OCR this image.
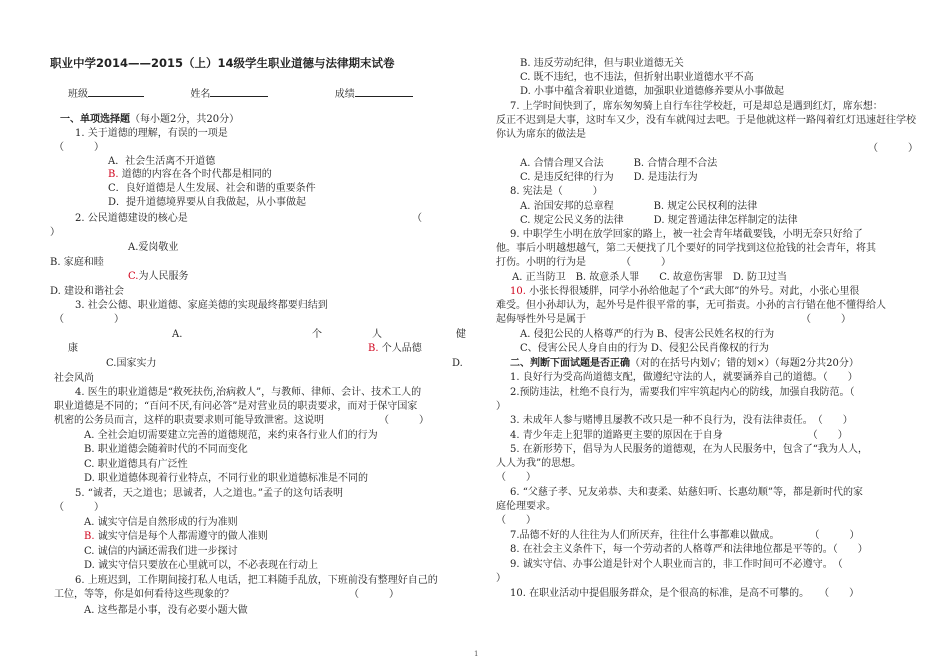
职业中学2014——2015（上）14级学生职业道德与法律期末试卷
班级	姓名	成绩
一、单项选择题（每小题2分，共20分）
1. 关于道德的理解，有误的一项是
（　　　）
A．社会生活离不开道德
B. 道德的内容在各个时代都是相同的
C．良好道德是人生发展、社会和谐的重要条件
D．提升道德境界要从自我做起，从小事做起
2. 公民道德建设的核心是	（
）
A.爱岗敬业
B. 家庭和睦
C.为人民服务
D. 建设和谐社会
3. 社会公德、职业道德、家庭美德的实现最终都要归结到
（　　　　　）
A.	个	人	健
康	B. 个人品德
C.国家实力	D.
社会风尚
4. 医生的职业道德是“救死扶伤,治病救人”，与教师、律师、会计、技术工人的
职业道德是不同的；“百问不厌,有问必答”是对营业员的职责要求，而对于保守国家
机密的公务员而言，这样的职责要求则可能导致泄密。这说明　　　　　　（　　　）
A. 全社会迫切需要建立完善的道德规范，来约束各行业人们的行为
B. 职业道德会随着时代的不同而变化
C. 职业道德具有广泛性
D. 职业道德体现着行业特点，不同行业的职业道德标准是不同的
5. “诚者，天之道也；思诚者，人之道也。”孟子的这句话表明
（　　　）
A. 诚实守信是自然形成的行为准则
B. 诚实守信是每个人都需遵守的做人准则
C. 诚信的内涵还需我们进一步探讨
D. 诚实守信只要放在心里就可以，不必表现在行动上
6. 上班迟到，工作期间接打私人电话，把工料随手乱放，下班前没有整理好自己的
工位，等等，你是如何看待这些现象的？　　　　　　　　　　　　（　　　）
A. 这些都是小事，没有必要小题大做
B. 违反劳动纪律，但与职业道德无关
C. 既不违纪，也不违法，但折射出职业道德水平不高
D. 小事中蕴含着职业道德，加强职业道德修养要从小事做起
7. 上学时间快到了，席东匆匆骑上自行车往学校赶，可是却总是遇到红灯，席东想：
反正不迟到是大事，这时车又少，没有车就闯过去吧。于是他就这样一路闯着红灯迅速赶往学校
你认为席东的做法是
（　　　）
A. 合情合理又合法　　　B. 合情合理不合法
C. 是违反纪律的行为　　D. 是违法行为
8. 宪法是（　　　）
A. 治国安邦的总章程　　　　B. 规定公民权利的法律
C. 规定公民义务的法律　　　D. 规定普通法律怎样制定的法律
9. 中职学生小明在放学回家的路上，被一社会青年堵截要钱，小明无奈只好给了
他。事后小明越想越气，第二天便找了几个要好的同学找到这位抢钱的社会青年，将其
打伤。小明的行为是　　　　（　　　）
A. 正当防卫　B. 故意杀人罪　　C. 故意伤害罪　D. 防卫过当
10. 小张长得很矮胖，同学小孙给他起了个“武大郎”的外号。对此，小张心里很
难受。但小孙却认为，起外号是件很平常的事，无可指责。小孙的言行错在他不懂得给人
起侮辱性外号是属于　　　　　　　　　　　　　　　　　　　　　　（　　　）
A. 侵犯公民的人格尊严的行为 B、侵害公民姓名权的行为
C、侵害公民人身自由的行为 D、侵犯公民肖像权的行为
二、判断下面试题是否正确（对的在括号内划√；错的划×）（每题2分共20分）
1. 良好行为受高尚道德支配，做遵纪守法的人，就要涵养自己的道德。（　　）
2.预防违法，杜绝不良行为，需要我们牢牢筑起内心的防线，加强自我防范。（
）
3. 未成年人参与赌博且屡教不改只是一种不良行为，没有法律责任。　（　　）
4. 青少年走上犯罪的道路更主要的原因在于自身　　　　　　　　　（　　）
5. 在新形势下，倡导为人民服务的道德观，在为人民服务中，包含了“我为人人，
人人为我”的思想。
（　　）
6. “父慈子孝、兄友弟恭、夫和妻柔、姑慈妇听、长惠幼顺”等，都是新时代的家
庭伦理要求。
（　　）
7.品德不好的人往往为人们所厌弃，往往什么事都难以做成。　　　　（　　　）
8. 在社会主义条件下，每一个劳动者的人格尊严和法律地位都是平等的。（　　）
9. 诚实守信、办事公道是针对个人职业而言的，非工作时间可不必遵守。　（
）
10. 在职业活动中提倡服务群众，是个很高的标准，是高不可攀的。　　（　　）
1
